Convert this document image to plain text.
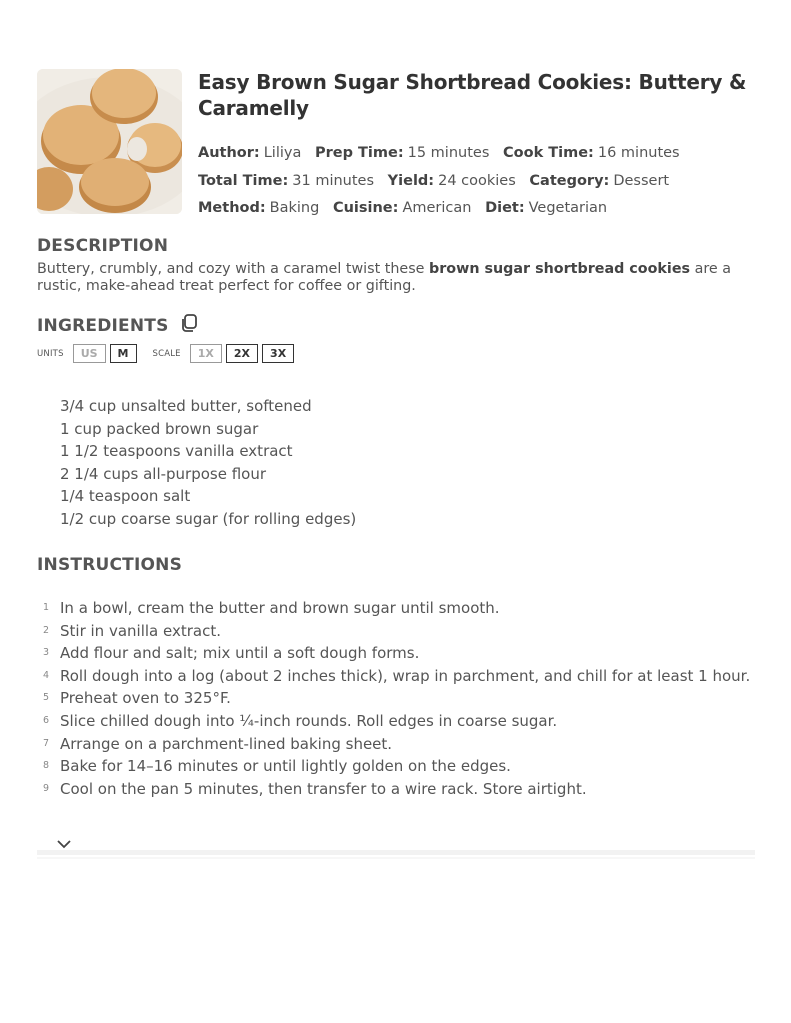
Easy Brown Sugar Shortbread Cookies: Buttery & Caramelly
Author: Liliya Prep Time: 15 minutes Cook Time: 16 minutes
Total Time: 31 minutes Yield: 24 cookies Category: Dessert
Method: Baking Cuisine: American Diet: Vegetarian
DESCRIPTION
Buttery, crumbly, and cozy with a caramel twist these brown sugar shortbread cookies are a rustic, make-ahead treat perfect for coffee or gifting.
INGREDIENTS
UNITS	US	M	SCALE	1X	2X	3X
3/4 cup unsalted butter, softened
1 cup packed brown sugar
1 1/2 teaspoons vanilla extract
2 1/4 cups all-purpose flour
1/4 teaspoon salt
1/2 cup coarse sugar (for rolling edges)
INSTRUCTIONS
1 In a bowl, cream the butter and brown sugar until smooth.
2 Stir in vanilla extract.
3 Add flour and salt; mix until a soft dough forms.
4 Roll dough into a log (about 2 inches thick), wrap in parchment, and chill for at least 1 hour.
5 Preheat oven to 325°F.
6 Slice chilled dough into ¼-inch rounds. Roll edges in coarse sugar.
7 Arrange on a parchment-lined baking sheet.
8 Bake for 14–16 minutes or until lightly golden on the edges.
9 Cool on the pan 5 minutes, then transfer to a wire rack. Store airtight.
